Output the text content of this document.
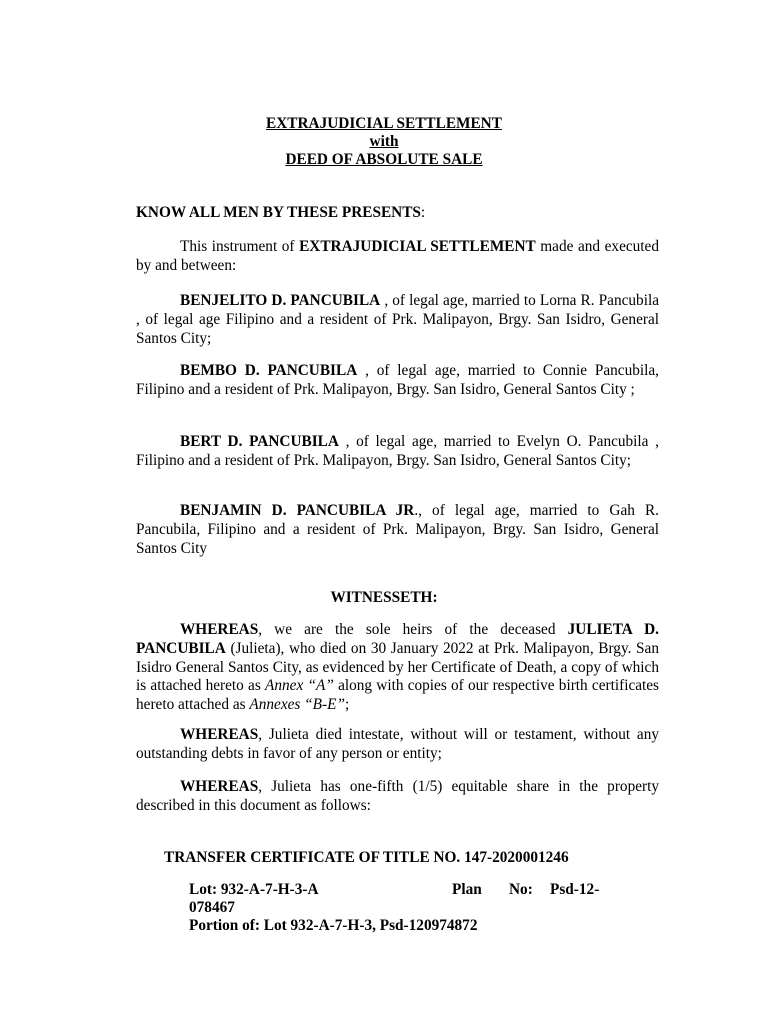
EXTRAJUDICIAL SETTLEMENT
with
DEED OF ABSOLUTE SALE
KNOW ALL MEN BY THESE PRESENTS:
This instrument of EXTRAJUDICIAL SETTLEMENT made and executed by and between:
BENJELITO D. PANCUBILA , of legal age, married to Lorna R. Pancubila , of legal age Filipino and a resident of Prk. Malipayon, Brgy. San Isidro, General Santos City;
BEMBO D. PANCUBILA , of legal age, married to Connie Pancubila, Filipino and a resident of Prk. Malipayon, Brgy. San Isidro, General Santos City ;
BERT D. PANCUBILA , of legal age, married to Evelyn O. Pancubila , Filipino and a resident of Prk. Malipayon, Brgy. San Isidro, General Santos City;
BENJAMIN D. PANCUBILA JR., of legal age, married to Gah R. Pancubila, Filipino and a resident of Prk. Malipayon, Brgy. San Isidro, General Santos City
WITNESSETH:
WHEREAS, we are the sole heirs of the deceased JULIETA D. PANCUBILA (Julieta), who died on 30 January 2022 at Prk. Malipayon, Brgy. San Isidro General Santos City, as evidenced by her Certificate of Death, a copy of which is attached hereto as Annex “A” along with copies of our respective birth certificates hereto attached as Annexes “B-E”;
WHEREAS, Julieta died intestate, without will or testament, without any outstanding debts in favor of any person or entity;
WHEREAS, Julieta has one-fifth (1/5) equitable share in the property described in this document as follows:
TRANSFER CERTIFICATE OF TITLE NO. 147-2020001246
Lot: 932-A-7-H-3-A	Plan No: Psd-12-
078467
Portion of: Lot 932-A-7-H-3, Psd-120974872
